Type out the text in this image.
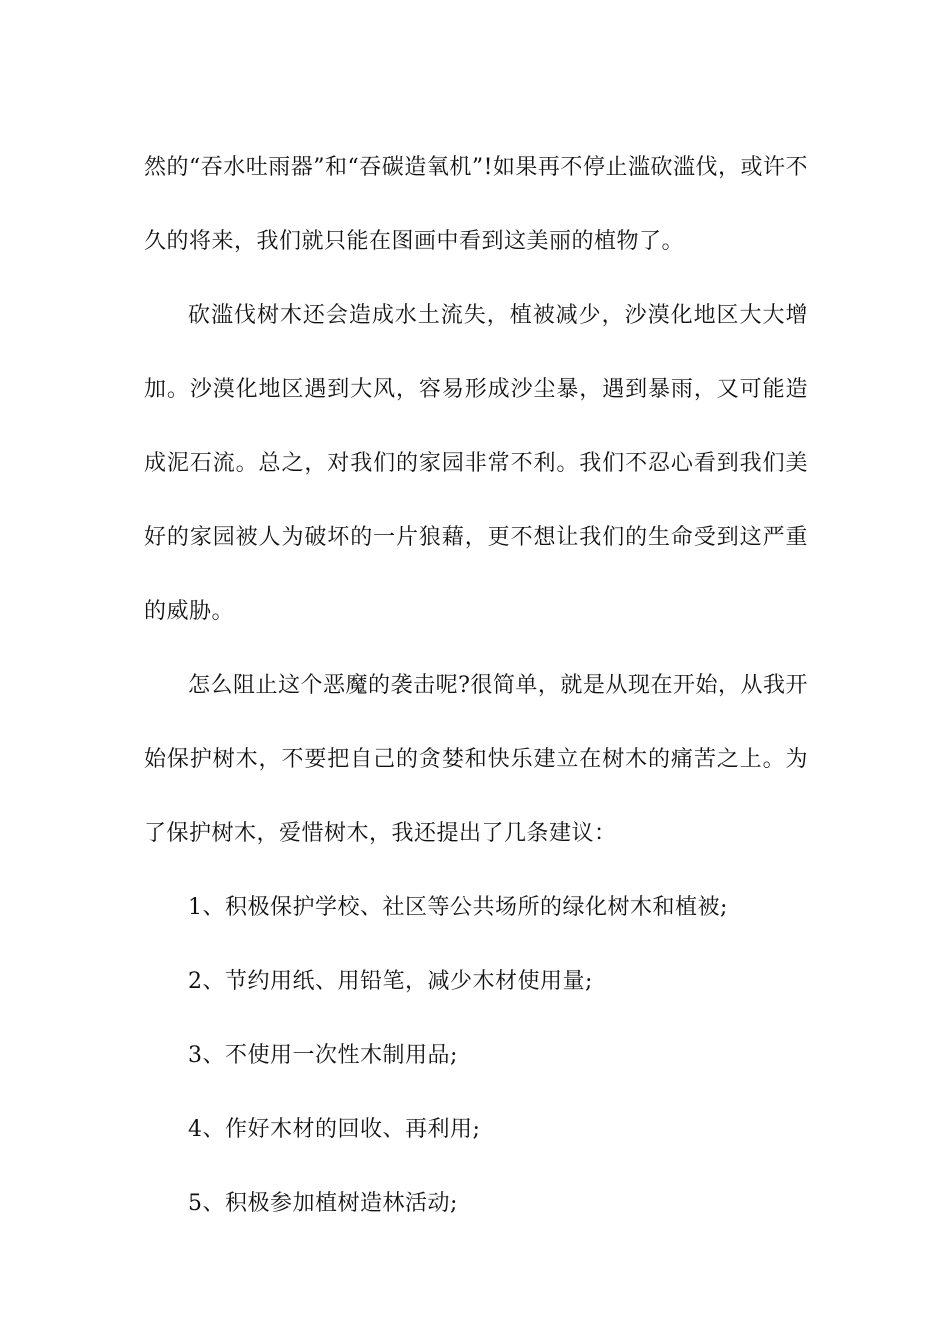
然的“吞水吐雨器”和“吞碳造氧机”!如果再不停止滥砍滥伐，或许不久的将来，我们就只能在图画中看到这美丽的植物了。

砍滥伐树木还会造成水土流失，植被减少，沙漠化地区大大增加。沙漠化地区遇到大风，容易形成沙尘暴，遇到暴雨，又可能造成泥石流。总之，对我们的家园非常不利。我们不忍心看到我们美好的家园被人为破坏的一片狼藉，更不想让我们的生命受到这严重的威胁。

怎么阻止这个恶魔的袭击呢?很简单，就是从现在开始，从我开始保护树木，不要把自己的贪婪和快乐建立在树木的痛苦之上。为了保护树木，爱惜树木，我还提出了几条建议：

1、积极保护学校、社区等公共场所的绿化树木和植被;

2、节约用纸、用铅笔，减少木材使用量;

3、不使用一次性木制用品;

4、作好木材的回收、再利用;

5、积极参加植树造林活动;
